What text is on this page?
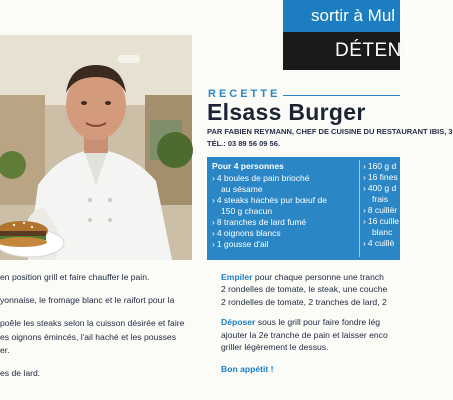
sortir à Mul
DÉTENT
RECETTE
Elsass Burger
PAR FABIEN REYMANN, CHEF DE CUISINE DU RESTAURANT IBIS, 3
TÉL.: 03 89 56 09 56.
Pour 4 personnes
› 4 boules de pain brioché
au sésame
› 4 steaks hachés pur bœuf de
150 g chacun
› 8 tranches de lard fumé
› 4 oignons blancs
› 1 gousse d'ail
› 160 g d
› 16 fines
› 400 g d
frais
› 8 cuillèr
› 16 cuille
blanc
› 4 cuillè
en position grill et faire chauffer le pain.
yonnaise, le fromage blanc et le raifort pour la
poêle les steaks selon la cuisson désirée et faire
es oignons émincés, l'ail haché et les pousses
er.
es de lard.
Empiler pour chaque personne une tranch
2 rondelles de tomate, le steak, une couche
2 rondelles de tomate, 2 tranches de lard, 2
Déposer sous le grill pour faire fondre lég
ajouter la 2e tranche de pain et laisser enco
griller légèrement le dessus.
Bon appétit !
